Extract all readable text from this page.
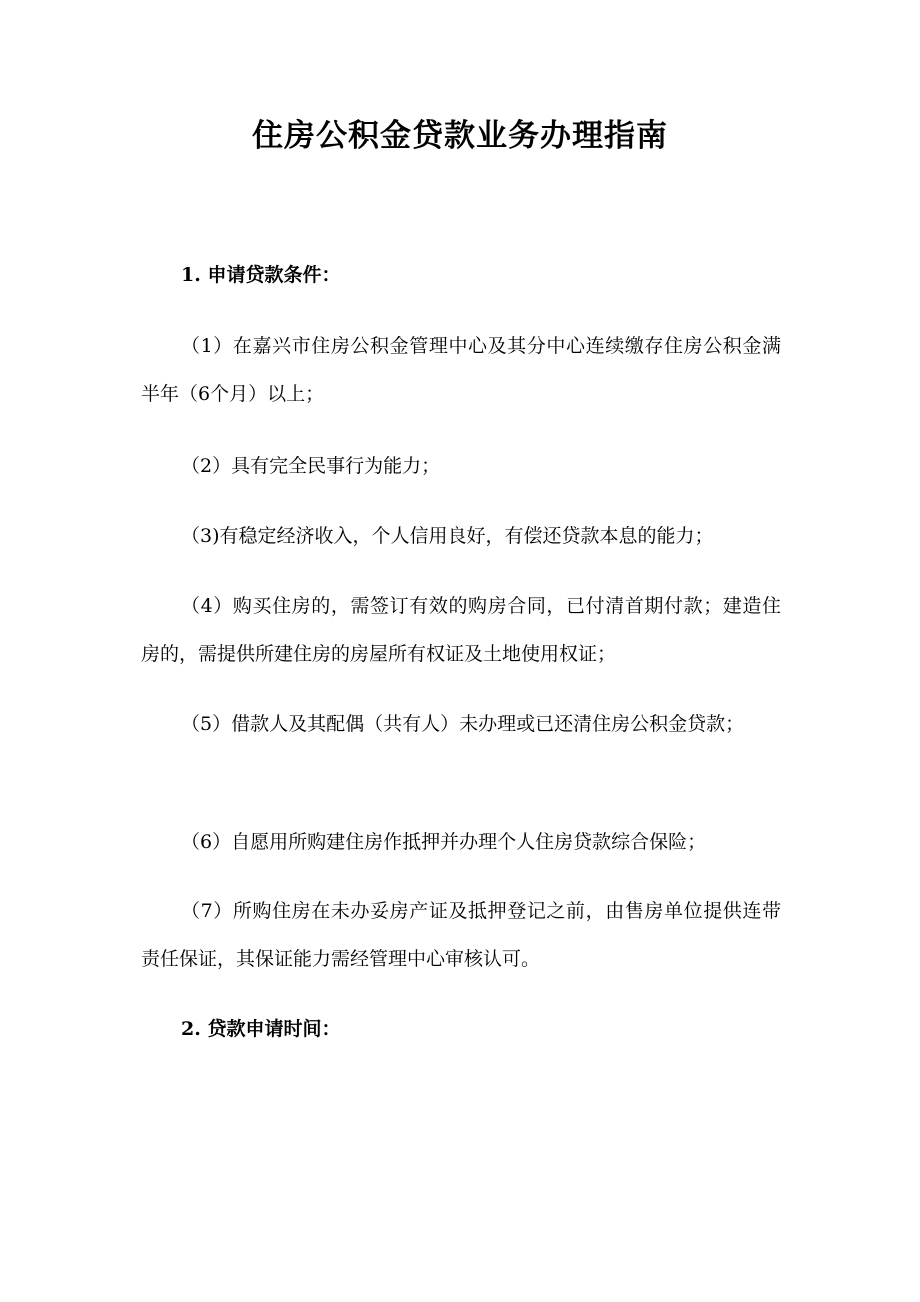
住房公积金贷款业务办理指南
1. 申请贷款条件：
（1）在嘉兴市住房公积金管理中心及其分中心连续缴存住房公积金满半年（6个月）以上；
（2）具有完全民事行为能力；
（3)有稳定经济收入，个人信用良好，有偿还贷款本息的能力；
（4）购买住房的，需签订有效的购房合同，已付清首期付款；建造住房的，需提供所建住房的房屋所有权证及土地使用权证；
（5）借款人及其配偶（共有人）未办理或已还清住房公积金贷款；
（6）自愿用所购建住房作抵押并办理个人住房贷款综合保险；
（7）所购住房在未办妥房产证及抵押登记之前，由售房单位提供连带责任保证，其保证能力需经管理中心审核认可。
2. 贷款申请时间：
